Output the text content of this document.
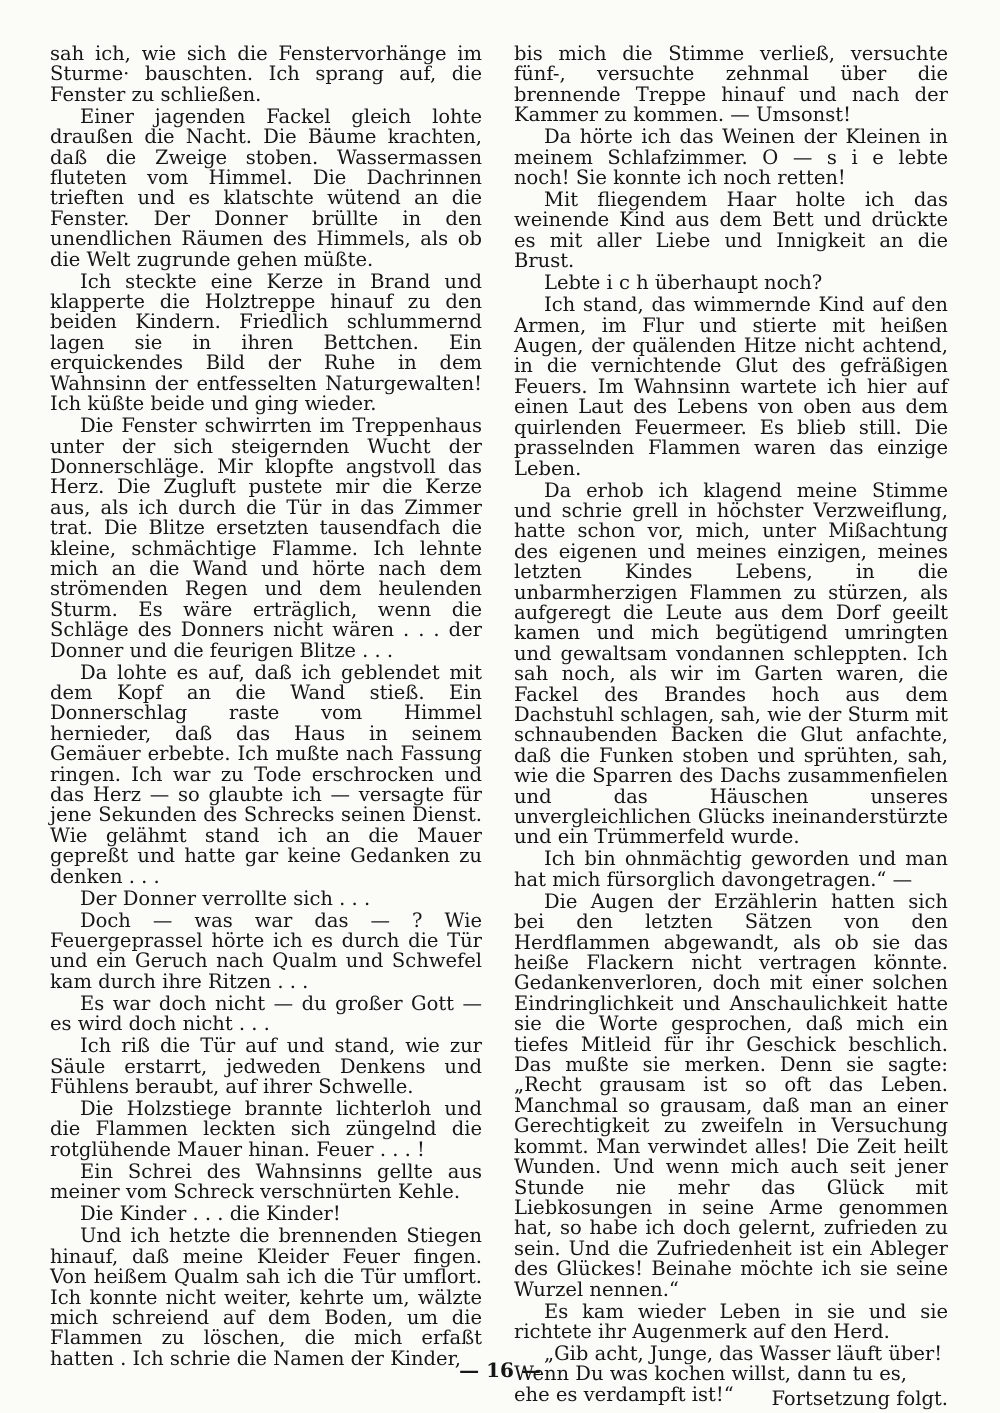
sah ich, wie sich die Fenstervorhänge im Sturme· bauschten. Ich sprang auf, die Fenster zu schließen.

Einer jagenden Fackel gleich lohte draußen die Nacht. Die Bäume krachten, daß die Zweige stoben. Wassermassen fluteten vom Himmel. Die Dachrinnen trieften und es klatschte wütend an die Fenster. Der Donner brüllte in den unendlichen Räumen des Himmels, als ob die Welt zugrunde gehen müßte.

Ich steckte eine Kerze in Brand und klapperte die Holztreppe hinauf zu den beiden Kindern. Friedlich schlummernd lagen sie in ihren Bettchen. Ein erquickendes Bild der Ruhe in dem Wahnsinn der entfesselten Naturgewalten! Ich küßte beide und ging wieder.

Die Fenster schwirrten im Treppenhaus unter der sich steigernden Wucht der Donnerschläge. Mir klopfte angstvoll das Herz. Die Zugluft pustete mir die Kerze aus, als ich durch die Tür in das Zimmer trat. Die Blitze ersetzten tausendfach die kleine, schmächtige Flamme. Ich lehnte mich an die Wand und hörte nach dem strömenden Regen und dem heulenden Sturm. Es wäre erträglich, wenn die Schläge des Donners nicht wären . . . der Donner und die feurigen Blitze . . .

Da lohte es auf, daß ich geblendet mit dem Kopf an die Wand stieß. Ein Donnerschlag raste vom Himmel hernieder, daß das Haus in seinem Gemäuer erbebte. Ich mußte nach Fassung ringen. Ich war zu Tode erschrocken und das Herz — so glaubte ich — versagte für jene Sekunden des Schrecks seinen Dienst. Wie gelähmt stand ich an die Mauer gepreßt und hatte gar keine Gedanken zu denken . . .

Der Donner verrollte sich . . .

Doch — was war das — ? Wie Feuergeprassel hörte ich es durch die Tür und ein Geruch nach Qualm und Schwefel kam durch ihre Ritzen . . .

Es war doch nicht — du großer Gott — es wird doch nicht . . .

Ich riß die Tür auf und stand, wie zur Säule erstarrt, jedweden Denkens und Fühlens beraubt, auf ihrer Schwelle.

Die Holzstiege brannte lichterloh und die Flammen leckten sich züngelnd die rotglühende Mauer hinan. Feuer . . . !

Ein Schrei des Wahnsinns gellte aus meiner vom Schreck verschnürten Kehle.

Die Kinder . . . die Kinder!

Und ich hetzte die brennenden Stiegen hinauf, daß meine Kleider Feuer fingen. Von heißem Qualm sah ich die Tür umflort. Ich konnte nicht weiter, kehrte um, wälzte mich schreiend auf dem Boden, um die Flammen zu löschen, die mich erfaßt hatten . Ich schrie die Namen der Kinder,

bis mich die Stimme verließ, versuchte fünf-, versuchte zehnmal über die brennende Treppe hinauf und nach der Kammer zu kommen. — Umsonst!

Da hörte ich das Weinen der Kleinen in meinem Schlafzimmer. O — s i e lebte noch! Sie konnte ich noch retten!

Mit fliegendem Haar holte ich das weinende Kind aus dem Bett und drückte es mit aller Liebe und Innigkeit an die Brust.

Lebte i c h überhaupt noch?

Ich stand, das wimmernde Kind auf den Armen, im Flur und stierte mit heißen Augen, der quälenden Hitze nicht achtend, in die vernichtende Glut des gefräßigen Feuers. Im Wahnsinn wartete ich hier auf einen Laut des Lebens von oben aus dem quirlenden Feuermeer. Es blieb still. Die prasselnden Flammen waren das einzige Leben.

Da erhob ich klagend meine Stimme und schrie grell in höchster Verzweiflung, hatte schon vor, mich, unter Mißachtung des eigenen und meines einzigen, meines letzten Kindes Lebens, in die unbarmherzigen Flammen zu stürzen, als aufgeregt die Leute aus dem Dorf geeilt kamen und mich begütigend umringten und gewaltsam vondannen schleppten. Ich sah noch, als wir im Garten waren, die Fackel des Brandes hoch aus dem Dachstuhl schlagen, sah, wie der Sturm mit schnaubenden Backen die Glut anfachte, daß die Funken stoben und sprühten, sah, wie die Sparren des Dachs zusammenfielen und das Häuschen unseres unvergleichlichen Glücks ineinanderstürzte und ein Trümmerfeld wurde.

Ich bin ohnmächtig geworden und man hat mich fürsorglich davongetragen.“ —

Die Augen der Erzählerin hatten sich bei den letzten Sätzen von den Herdflammen abgewandt, als ob sie das heiße Flackern nicht vertragen könnte. Gedankenverloren, doch mit einer solchen Eindringlichkeit und Anschaulichkeit hatte sie die Worte gesprochen, daß mich ein tiefes Mitleid für ihr Geschick beschlich. Das mußte sie merken. Denn sie sagte: „Recht grausam ist so oft das Leben. Manchmal so grausam, daß man an einer Gerechtigkeit zu zweifeln in Versuchung kommt. Man verwindet alles! Die Zeit heilt Wunden. Und wenn mich auch seit jener Stunde nie mehr das Glück mit Liebkosungen in seine Arme genommen hat, so habe ich doch gelernt, zufrieden zu sein. Und die Zufriedenheit ist ein Ableger des Glückes! Beinahe möchte ich sie seine Wurzel nennen.“

Es kam wieder Leben in sie und sie richtete ihr Augenmerk auf den Herd.

„Gib acht, Junge, das Wasser läuft über! Wenn Du was kochen willst, dann tu es, ehe es verdampft ist!“	Fortsetzung folgt.

— 16 —
